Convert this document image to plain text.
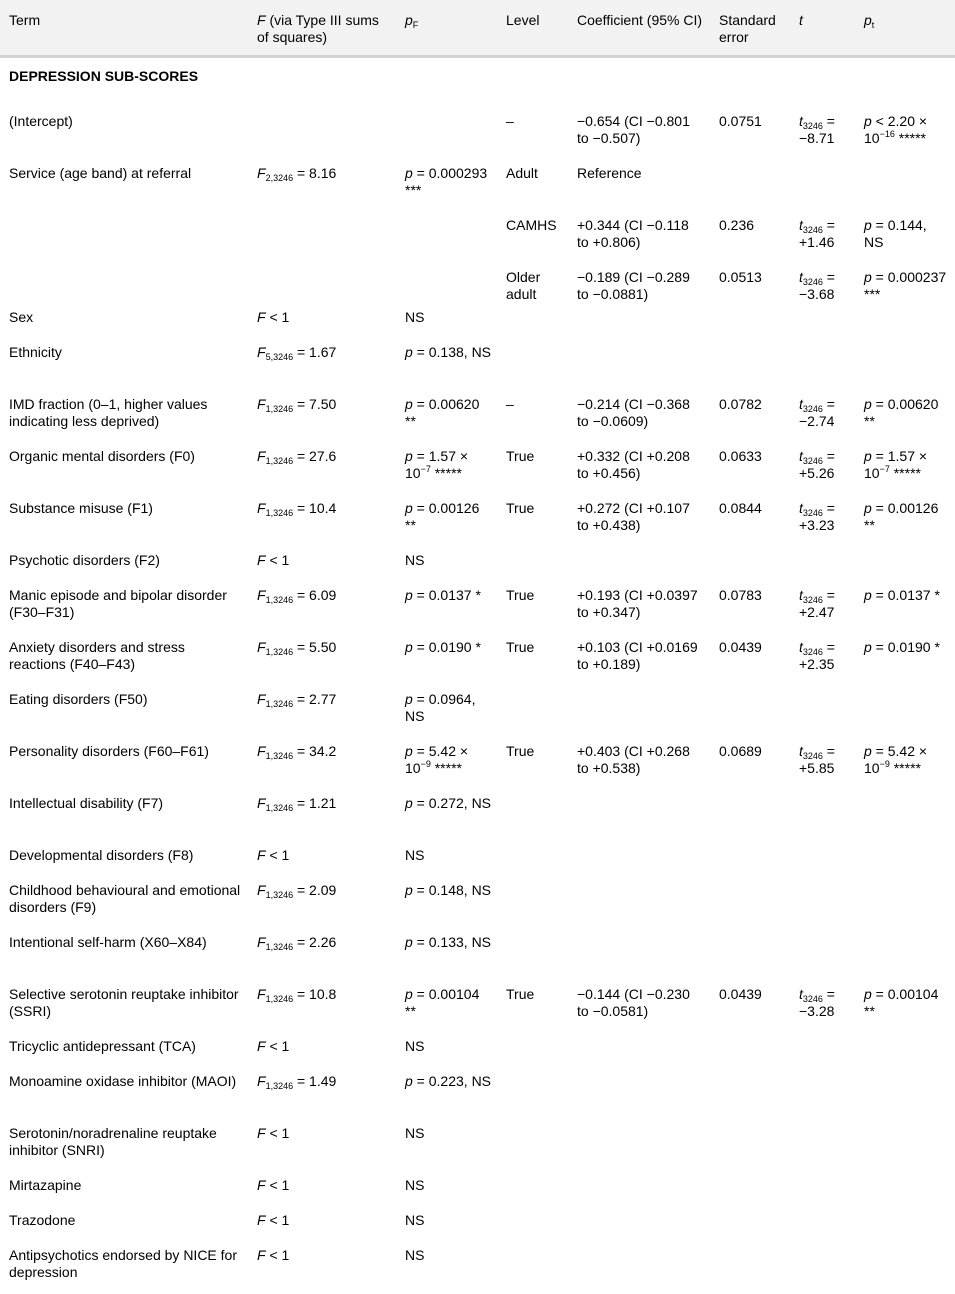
Term	F (via Type III sums of squares)	$p_F$	Level	Coefficient (95% CI)	Standard error	t	$p_t$
DEPRESSION SUB-SCORES							
(Intercept)			–	−0.654 (CI −0.801 to −0.507)	0.0751	$t_{3246} = -8.71$	$p < 2.20 \times 10^{-16}$ *****
Service (age band) at referral	$F_{2,3246} = 8.16$	p = 0.000293 ***	Adult	Reference			
			CAMHS	+0.344 (CI −0.118 to +0.806)	0.236	$t_{3246} = +1.46$	p = 0.144, NS
			Older adult	−0.189 (CI −0.289 to −0.0881)	0.0513	$t_{3246} = -3.68$	p = 0.000237 ***
Sex	F < 1	NS					
Ethnicity	$F_{5,3246} = 1.67$	p = 0.138, NS					
IMD fraction (0–1, higher values indicating less deprived)	$F_{1,3246} = 7.50$	p = 0.00620 **	–	−0.214 (CI −0.368 to −0.0609)	0.0782	$t_{3246} = -2.74$	p = 0.00620 **
Organic mental disorders (F0)	$F_{1,3246} = 27.6$	$p = 1.57 \times 10^{-7}$ *****	True	+0.332 (CI +0.208 to +0.456)	0.0633	$t_{3246} = +5.26$	$p = 1.57 \times 10^{-7}$ *****
Substance misuse (F1)	$F_{1,3246} = 10.4$	p = 0.00126 **	True	+0.272 (CI +0.107 to +0.438)	0.0844	$t_{3246} = +3.23$	p = 0.00126 **
Psychotic disorders (F2)	F < 1	NS					
Manic episode and bipolar disorder (F30–F31)	$F_{1,3246} = 6.09$	p = 0.0137 *	True	+0.193 (CI +0.0397 to +0.347)	0.0783	$t_{3246} = +2.47$	p = 0.0137 *
Anxiety disorders and stress reactions (F40–F43)	$F_{1,3246} = 5.50$	p = 0.0190 *	True	+0.103 (CI +0.0169 to +0.189)	0.0439	$t_{3246} = +2.35$	p = 0.0190 *
Eating disorders (F50)	$F_{1,3246} = 2.77$	p = 0.0964, NS					
Personality disorders (F60–F61)	$F_{1,3246} = 34.2$	$p = 5.42 \times 10^{-9}$ *****	True	+0.403 (CI +0.268 to +0.538)	0.0689	$t_{3246} = +5.85$	$p = 5.42 \times 10^{-9}$ *****
Intellectual disability (F7)	$F_{1,3246} = 1.21$	p = 0.272, NS					
Developmental disorders (F8)	F < 1	NS					
Childhood behavioural and emotional disorders (F9)	$F_{1,3246} = 2.09$	p = 0.148, NS					
Intentional self-harm (X60–X84)	$F_{1,3246} = 2.26$	p = 0.133, NS					
Selective serotonin reuptake inhibitor (SSRI)	$F_{1,3246} = 10.8$	p = 0.00104 **	True	−0.144 (CI −0.230 to −0.0581)	0.0439	$t_{3246} = -3.28$	p = 0.00104 **
Tricyclic antidepressant (TCA)	F < 1	NS					
Monoamine oxidase inhibitor (MAOI)	$F_{1,3246} = 1.49$	p = 0.223, NS					
Serotonin/noradrenaline reuptake inhibitor (SNRI)	F < 1	NS					
Mirtazapine	F < 1	NS					
Trazodone	F < 1	NS					
Antipsychotics endorsed by NICE for depression	F < 1	NS					
